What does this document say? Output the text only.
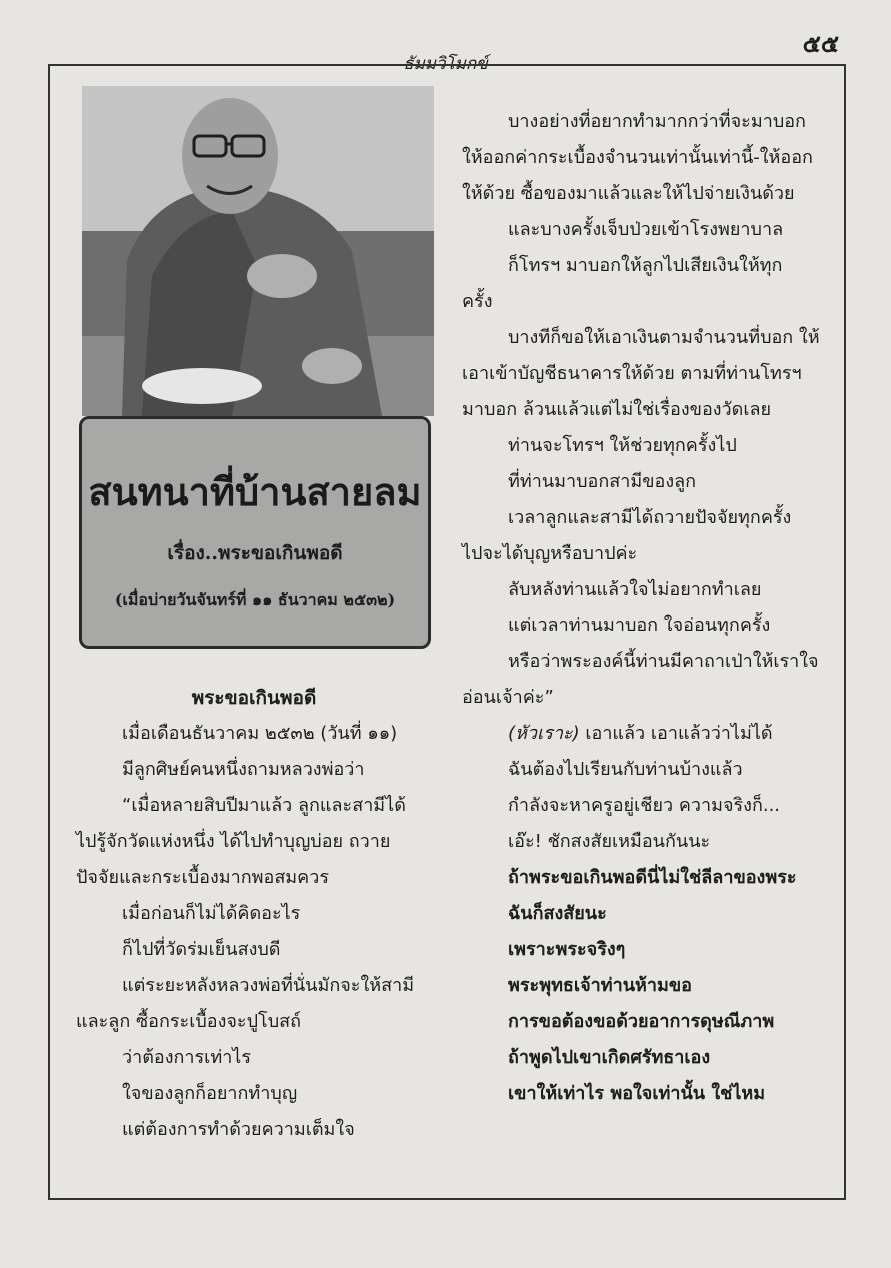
๕๕
ธัมมวิโมกข์
สนทนาที่บ้านสายลม
เรื่อง..พระขอเกินพอดี
(เมื่อบ่ายวันจันทร์ที่ ๑๑ ธันวาคม ๒๕๓๒)

พระขอเกินพอดี

เมื่อเดือนธันวาคม ๒๕๓๒ (วันที่ ๑๑)

มีลูกศิษย์คนหนึ่งถามหลวงพ่อว่า

“เมื่อหลายสิบปีมาแล้ว ลูกและสามีได้

ไปรู้จักวัดแห่งหนึ่ง ได้ไปทำบุญบ่อย ถวาย

ปัจจัยและกระเบื้องมากพอสมควร

เมื่อก่อนก็ไม่ได้คิดอะไร

ก็ไปที่วัดร่มเย็นสงบดี

แต่ระยะหลังหลวงพ่อที่นั่นมักจะให้สามี

และลูก ซื้อกระเบื้องจะปูโบสถ์

ว่าต้องการเท่าไร

ใจของลูกก็อยากทำบุญ

แต่ต้องการทำด้วยความเต็มใจ

บางอย่างที่อยากทำมากกว่าที่จะมาบอก

ให้ออกค่ากระเบื้องจำนวนเท่านั้นเท่านี้-ให้ออก

ให้ด้วย ซื้อของมาแล้วและให้ไปจ่ายเงินด้วย

และบางครั้งเจ็บป่วยเข้าโรงพยาบาล

ก็โทรฯ มาบอกให้ลูกไปเสียเงินให้ทุก

ครั้ง

บางทีก็ขอให้เอาเงินตามจำนวนที่บอก ให้

เอาเข้าบัญชีธนาคารให้ด้วย ตามที่ท่านโทรฯ

มาบอก ล้วนแล้วแต่ไม่ใช่เรื่องของวัดเลย

ท่านจะโทรฯ ให้ช่วยทุกครั้งไป

ที่ท่านมาบอกสามีของลูก

เวลาลูกและสามีได้ถวายปัจจัยทุกครั้ง

ไปจะได้บุญหรือบาปค่ะ

ลับหลังท่านแล้วใจไม่อยากทำเลย

แต่เวลาท่านมาบอก ใจอ่อนทุกครั้ง

หรือว่าพระองค์นี้ท่านมีคาถาเป่าให้เราใจ

อ่อนเจ้าค่ะ”

(หัวเราะ) เอาแล้ว เอาแล้วว่าไม่ได้

ฉันต้องไปเรียนกับท่านบ้างแล้ว

กำลังจะหาครูอยู่เชียว ความจริงก็...

เอ๊ะ! ชักสงสัยเหมือนกันนะ

ถ้าพระขอเกินพอดีนี่ไม่ใช่ลีลาของพระ

ฉันก็สงสัยนะ

เพราะพระจริงๆ

พระพุทธเจ้าท่านห้ามขอ

การขอต้องขอด้วยอาการดุษณีภาพ

ถ้าพูดไปเขาเกิดศรัทธาเอง

เขาให้เท่าไร พอใจเท่านั้น ใช่ไหม
